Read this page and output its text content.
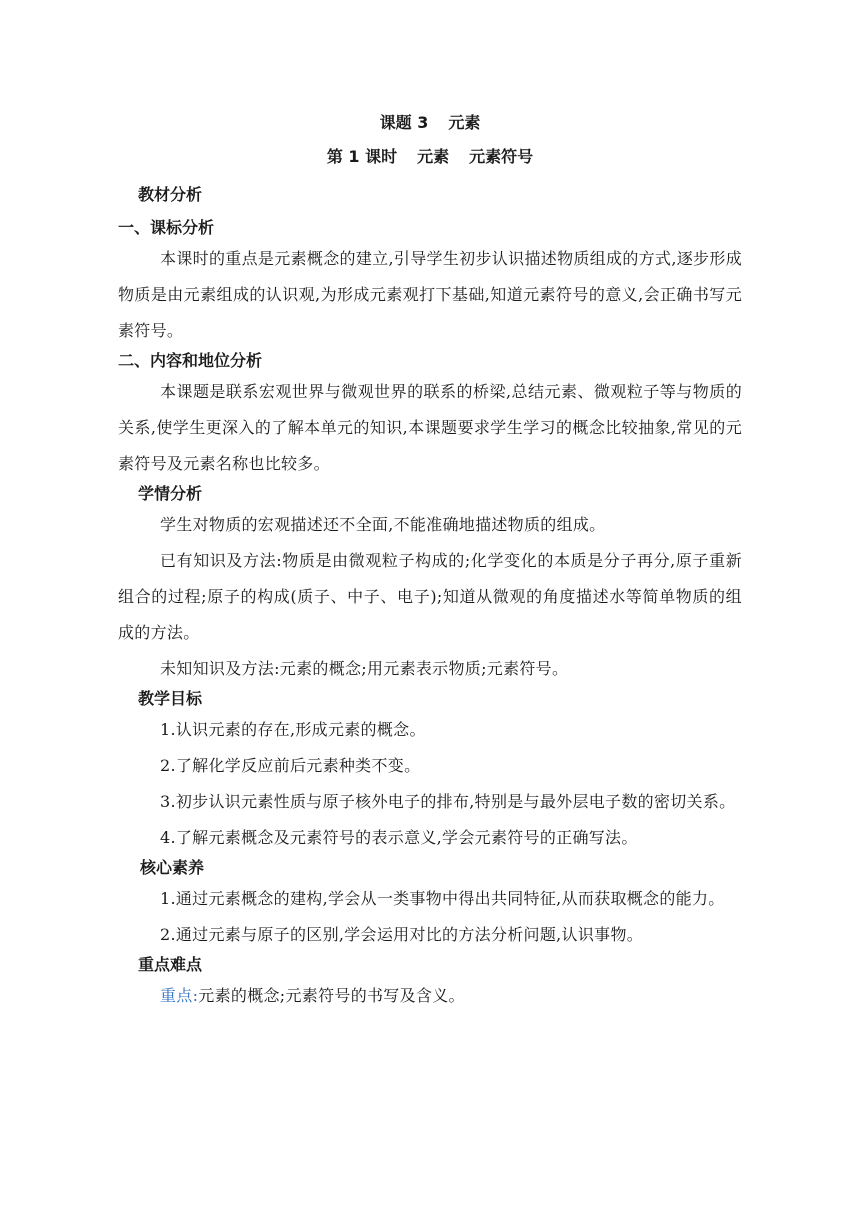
课题 3 元素

第 1 课时 元素 元素符号

教材分析

一、课标分析

本课时的重点是元素概念的建立,引导学生初步认识描述物质组成的方式,逐步形成物质是由元素组成的认识观,为形成元素观打下基础,知道元素符号的意义,会正确书写元素符号。

二、内容和地位分析

本课题是联系宏观世界与微观世界的联系的桥梁,总结元素、微观粒子等与物质的关系,使学生更深入的了解本单元的知识,本课题要求学生学习的概念比较抽象,常见的元素符号及元素名称也比较多。

学情分析

学生对物质的宏观描述还不全面,不能准确地描述物质的组成。

已有知识及方法:物质是由微观粒子构成的;化学变化的本质是分子再分,原子重新组合的过程;原子的构成(质子、中子、电子);知道从微观的角度描述水等简单物质的组成的方法。

未知知识及方法:元素的概念;用元素表示物质;元素符号。

教学目标

1.认识元素的存在,形成元素的概念。

2.了解化学反应前后元素种类不变。

3.初步认识元素性质与原子核外电子的排布,特别是与最外层电子数的密切关系。

4.了解元素概念及元素符号的表示意义,学会元素符号的正确写法。

核心素养

1.通过元素概念的建构,学会从一类事物中得出共同特征,从而获取概念的能力。

2.通过元素与原子的区别,学会运用对比的方法分析问题,认识事物。

重点难点

重点:元素的概念;元素符号的书写及含义。
